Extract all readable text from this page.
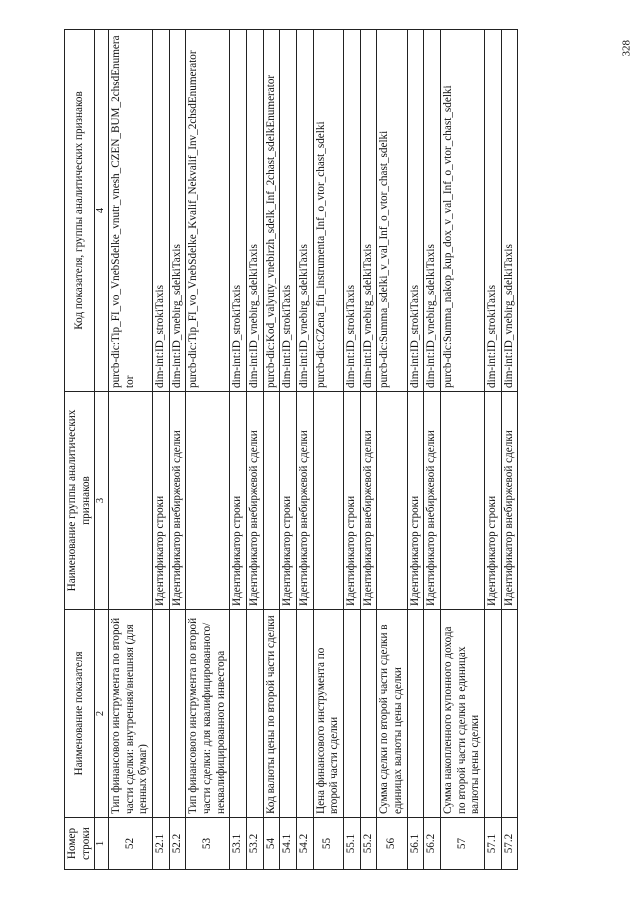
328
Номер строки	Наименование показателя	Наименование группы аналитических признаков	Код показателя, группы аналитических признаков
1	2	3	4
52	Тип финансового инструмента по второй части сделки: внутренняя/внешняя (для ценных бумаг)		purcb-dic:Tip_FI_vo_VnebSdelke_vnutr_vnesh_CZEN_BUM_2chsdEnumerator
52.1		Идентификатор строки	dim-int:ID_strokiTaxis
52.2		Идентификатор внебиржевой сделки	dim-int:ID_vnebirg_sdelkiTaxis
53	Тип финансового инструмента по второй части сделки: для квалифицированного/ неквалифицированного инвестора		purcb-dic:Tip_FI_vo_VnebSdelke_Kvalif_Nekvalif_Inv_2chsdEnumerator
53.1		Идентификатор строки	dim-int:ID_strokiTaxis
53.2		Идентификатор внебиржевой сделки	dim-int:ID_vnebirg_sdelkiTaxis
54	Код валюты цены по второй части сделки		purcb-dic:Kod_valyuty_vnebirzh_sdelk_Inf_2chast_sdelkEnumerator
54.1		Идентификатор строки	dim-int:ID_strokiTaxis
54.2		Идентификатор внебиржевой сделки	dim-int:ID_vnebirg_sdelkiTaxis
55	Цена финансового инструмента по второй части сделки		purcb-dic:CZena_fin_instrumenta_Inf_o_vtor_chast_sdelki
55.1		Идентификатор строки	dim-int:ID_strokiTaxis
55.2		Идентификатор внебиржевой сделки	dim-int:ID_vnebirg_sdelkiTaxis
56	Сумма сделки по второй части сделки в единицах валюты цены сделки		purcb-dic:Summa_sdelki_v_val_Inf_o_vtor_chast_sdelki
56.1		Идентификатор строки	dim-int:ID_strokiTaxis
56.2		Идентификатор внебиржевой сделки	dim-int:ID_vnebirg_sdelkiTaxis
57	Сумма накопленного купонного дохода по второй части сделки в единицах валюты цены сделки		purcb-dic:Summa_nakop_kup_dox_v_val_Inf_o_vtor_chast_sdelki
57.1		Идентификатор строки	dim-int:ID_strokiTaxis
57.2		Идентификатор внебиржевой сделки	dim-int:ID_vnebirg_sdelkiTaxis
